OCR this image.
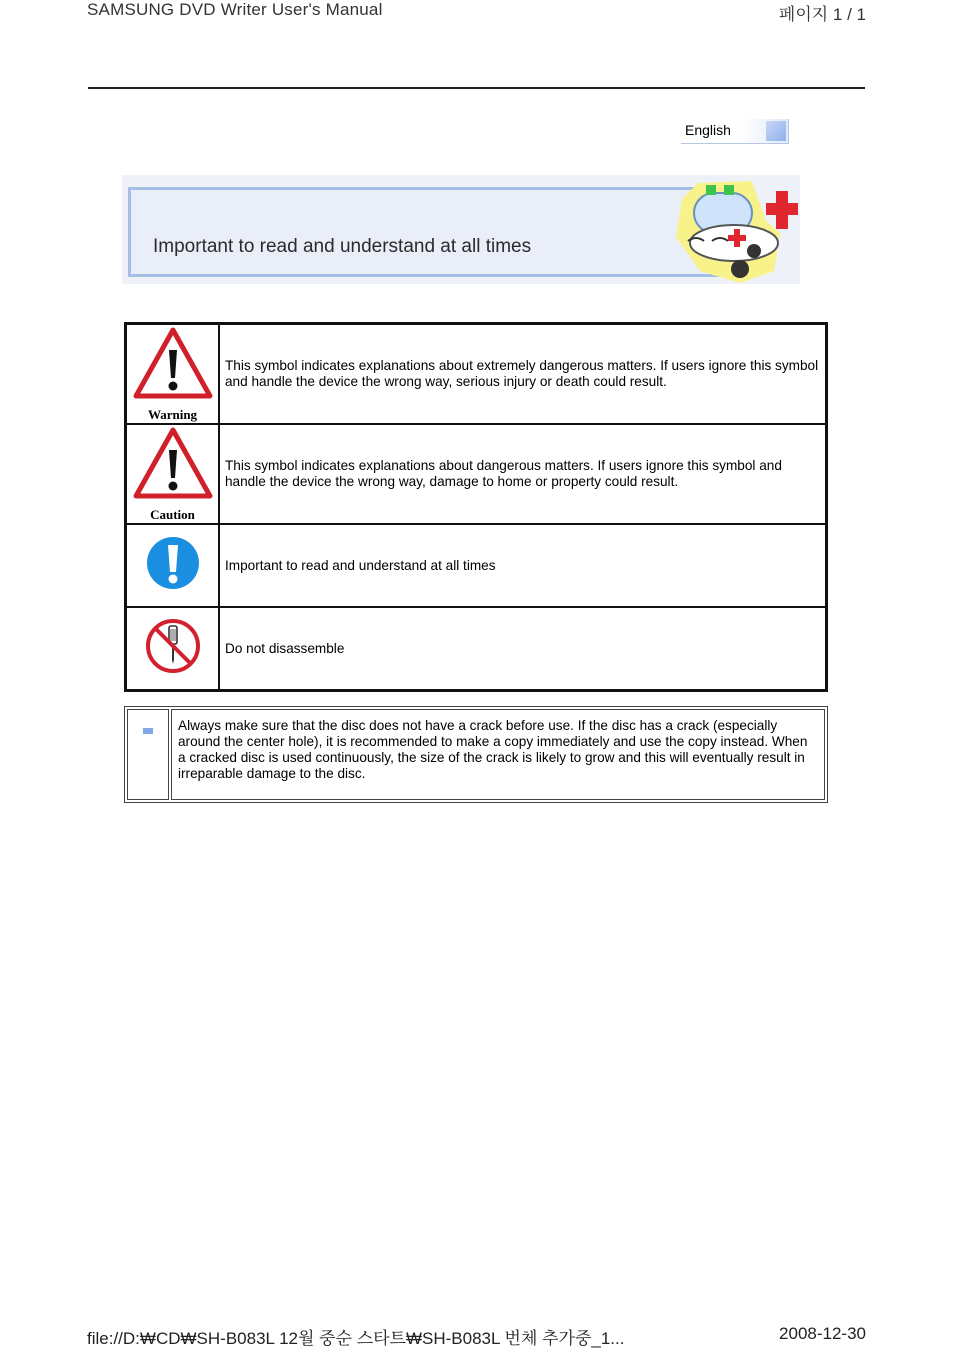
SAMSUNG DVD Writer User's Manual	페이지 1 / 1
English
Important to read and understand at all times
Warning	This symbol indicates explanations about extremely dangerous matters. If users ignore this symbol and handle the device the wrong way, serious injury or death could result.

Caution	This symbol indicates explanations about dangerous matters. If users ignore this symbol and handle the device the wrong way, damage to home or property could result.
	Important to read and understand at all times
	Do not disassemble
	Always make sure that the disc does not have a crack before use. If the disc has a crack (especially around the center hole), it is recommended to make a copy immediately and use the copy instead. When a cracked disc is used continuously, the size of the crack is likely to grow and this will eventually result in irreparable damage to the disc.
file://D:₩CD₩SH-B083L 12월 중순 스타트₩SH-B083L 번체 추가중_1...	2008-12-30
